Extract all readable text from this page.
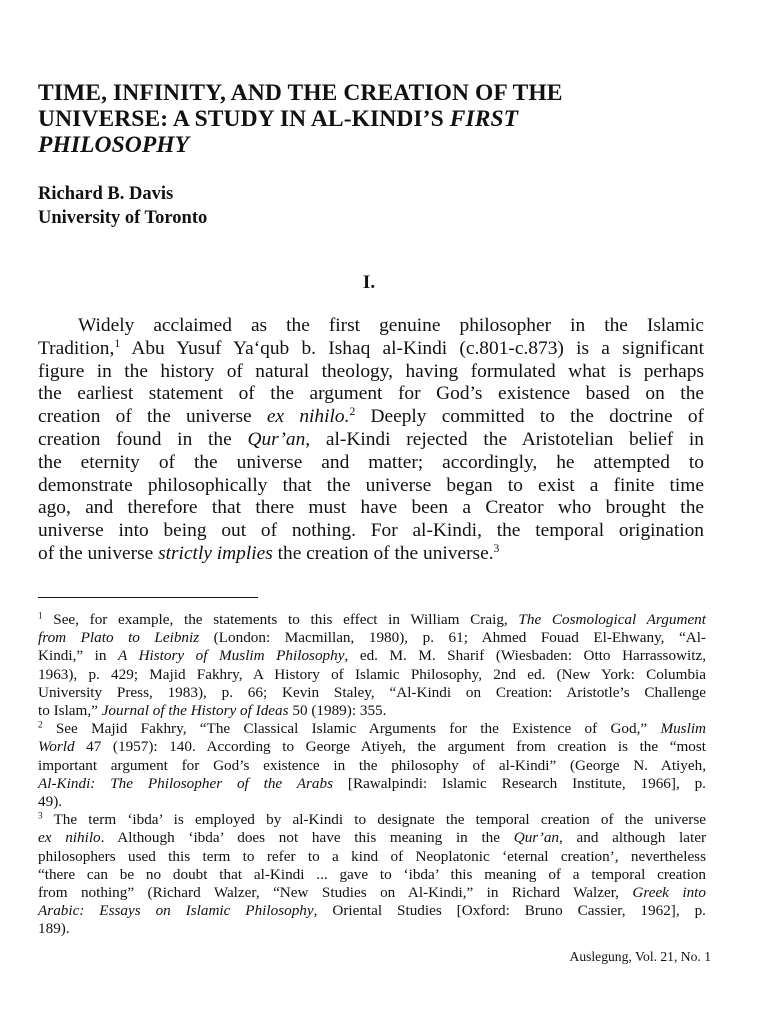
TIME, INFINITY, AND THE CREATION OF THE
UNIVERSE: A STUDY IN AL-KINDI’S FIRST
PHILOSOPHY
Richard B. Davis
University of Toronto
I.
Widely acclaimed as the first genuine philosopher in the Islamic
Tradition,$^1$ Abu Yusuf Ya‘qub b. Ishaq al-Kindi (c.801-c.873) is a significant
figure in the history of natural theology, having formulated what is perhaps
the earliest statement of the argument for God’s existence based on the
creation of the universe ex nihilo.$^2$ Deeply committed to the doctrine of
creation found in the Qur’an, al-Kindi rejected the Aristotelian belief in
the eternity of the universe and matter; accordingly, he attempted to
demonstrate philosophically that the universe began to exist a finite time
ago, and therefore that there must have been a Creator who brought the
universe into being out of nothing. For al-Kindi, the temporal origination
of the universe strictly implies the creation of the universe.$^3$
$^1$ See, for example, the statements to this effect in William Craig, The Cosmological Argument
from Plato to Leibniz (London: Macmillan, 1980), p. 61; Ahmed Fouad El-Ehwany, “Al-
Kindi,” in A History of Muslim Philosophy, ed. M. M. Sharif (Wiesbaden: Otto Harrassowitz,
1963), p. 429; Majid Fakhry, A History of Islamic Philosophy, 2nd ed. (New York: Columbia
University Press, 1983), p. 66; Kevin Staley, “Al-Kindi on Creation: Aristotle’s Challenge
to Islam,” Journal of the History of Ideas 50 (1989): 355.
$^2$ See Majid Fakhry, “The Classical Islamic Arguments for the Existence of God,” Muslim
World 47 (1957): 140. According to George Atiyeh, the argument from creation is the “most
important argument for God’s existence in the philosophy of al-Kindi” (George N. Atiyeh,
Al-Kindi: The Philosopher of the Arabs [Rawalpindi: Islamic Research Institute, 1966], p.
49).
$^3$ The term ‘ibda’ is employed by al-Kindi to designate the temporal creation of the universe
ex nihilo. Although ‘ibda’ does not have this meaning in the Qur’an, and although later
philosophers used this term to refer to a kind of Neoplatonic ‘eternal creation’, nevertheless
“there can be no doubt that al-Kindi ... gave to ‘ibda’ this meaning of a temporal creation
from nothing” (Richard Walzer, “New Studies on Al-Kindi,” in Richard Walzer, Greek into
Arabic: Essays on Islamic Philosophy, Oriental Studies [Oxford: Bruno Cassier, 1962], p.
189).
Auslegung, Vol. 21, No. 1
